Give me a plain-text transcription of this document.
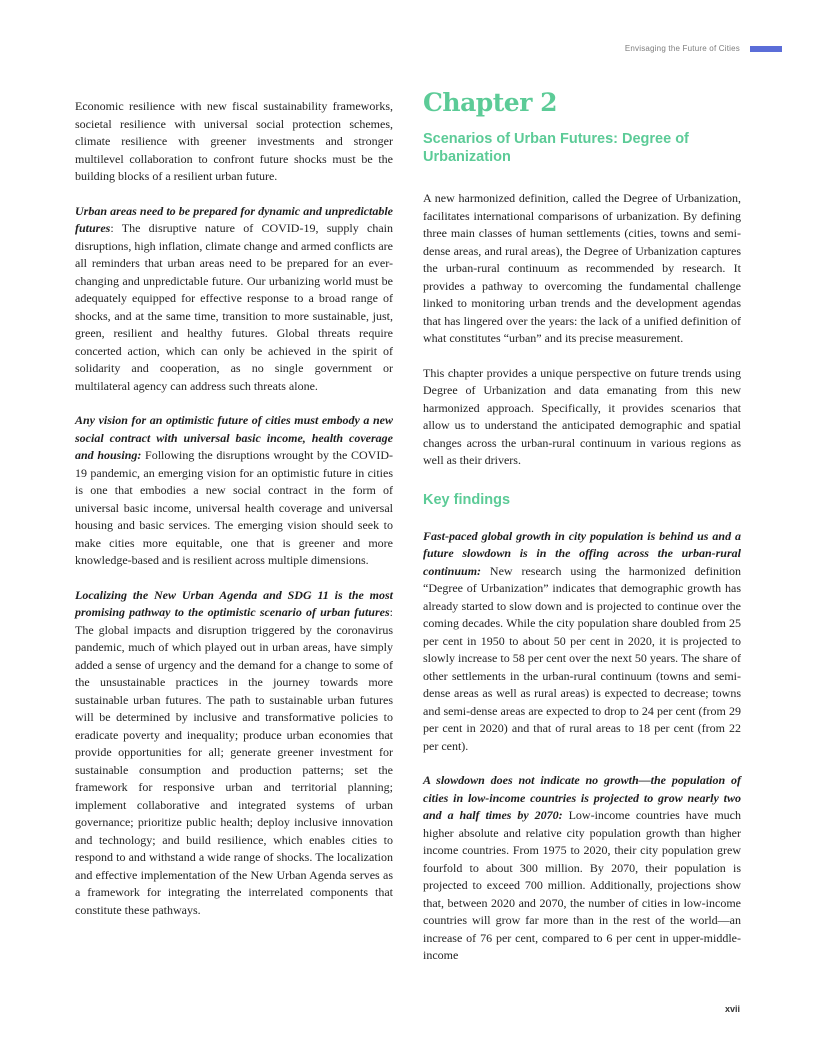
Envisaging the Future of Cities

Economic resilience with new fiscal sustainability frameworks, societal resilience with universal social protection schemes, climate resilience with greener investments and stronger multilevel collaboration to confront future shocks must be the building blocks of a resilient urban future.

Urban areas need to be prepared for dynamic and unpredictable futures: The disruptive nature of COVID-19, supply chain disruptions, high inflation, climate change and armed conflicts are all reminders that urban areas need to be prepared for an ever-changing and unpredictable future. Our urbanizing world must be adequately equipped for effective response to a broad range of shocks, and at the same time, transition to more sustainable, just, green, resilient and healthy futures. Global threats require concerted action, which can only be achieved in the spirit of solidarity and cooperation, as no single government or multilateral agency can address such threats alone.

Any vision for an optimistic future of cities must embody a new social contract with universal basic income, health coverage and housing: Following the disruptions wrought by the COVID-19 pandemic, an emerging vision for an optimistic future in cities is one that embodies a new social contract in the form of universal basic income, universal health coverage and universal housing and basic services. The emerging vision should seek to make cities more equitable, one that is greener and more knowledge-based and is resilient across multiple dimensions.

Localizing the New Urban Agenda and SDG 11 is the most promising pathway to the optimistic scenario of urban futures: The global impacts and disruption triggered by the coronavirus pandemic, much of which played out in urban areas, have simply added a sense of urgency and the demand for a change to some of the unsustainable practices in the journey towards more sustainable urban futures. The path to sustainable urban futures will be determined by inclusive and transformative policies to eradicate poverty and inequality; produce urban economies that provide opportunities for all; generate greener investment for sustainable consumption and production patterns; set the framework for responsive urban and territorial planning; implement collaborative and integrated systems of urban governance; prioritize public health; deploy inclusive innovation and technology; and build resilience, which enables cities to respond to and withstand a wide range of shocks. The localization and effective implementation of the New Urban Agenda serves as a framework for integrating the interrelated components that constitute these pathways.

Chapter 2
Scenarios of Urban Futures: Degree of Urbanization

A new harmonized definition, called the Degree of Urbanization, facilitates international comparisons of urbanization. By defining three main classes of human settlements (cities, towns and semi-dense areas, and rural areas), the Degree of Urbanization captures the urban-rural continuum as recommended by research. It provides a pathway to overcoming the fundamental challenge linked to monitoring urban trends and the development agendas that has lingered over the years: the lack of a unified definition of what constitutes “urban” and its precise measurement.

This chapter provides a unique perspective on future trends using Degree of Urbanization and data emanating from this new harmonized approach. Specifically, it provides scenarios that allow us to understand the anticipated demographic and spatial changes across the urban-rural continuum in various regions as well as their drivers.

Key findings

Fast-paced global growth in city population is behind us and a future slowdown is in the offing across the urban-rural continuum: New research using the harmonized definition “Degree of Urbanization” indicates that demographic growth has already started to slow down and is projected to continue over the coming decades. While the city population share doubled from 25 per cent in 1950 to about 50 per cent in 2020, it is projected to slowly increase to 58 per cent over the next 50 years. The share of other settlements in the urban-rural continuum (towns and semi-dense areas as well as rural areas) is expected to decrease; towns and semi-dense areas are expected to drop to 24 per cent (from 29 per cent in 2020) and that of rural areas to 18 per cent (from 22 per cent).

A slowdown does not indicate no growth—the population of cities in low-income countries is projected to grow nearly two and a half times by 2070: Low-income countries have much higher absolute and relative city population growth than higher income countries. From 1975 to 2020, their city population grew fourfold to about 300 million. By 2070, their population is projected to exceed 700 million. Additionally, projections show that, between 2020 and 2070, the number of cities in low-income countries will grow far more than in the rest of the world—an increase of 76 per cent, compared to 6 per cent in upper-middle-income

xvii
